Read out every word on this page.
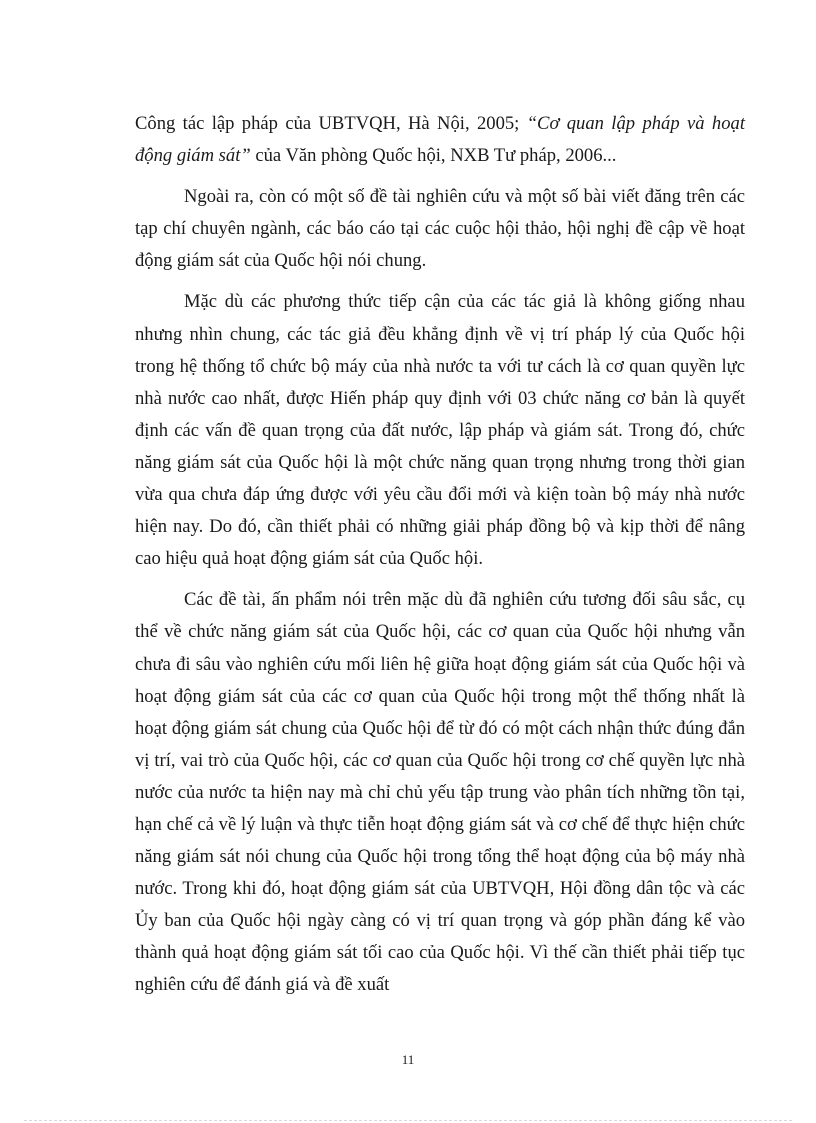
Công tác lập pháp của UBTVQH, Hà Nội, 2005; “Cơ quan lập pháp và hoạt động giám sát” của Văn phòng Quốc hội, NXB Tư pháp, 2006...

Ngoài ra, còn có một số đề tài nghiên cứu và một số bài viết đăng trên các tạp chí chuyên ngành, các báo cáo tại các cuộc hội thảo, hội nghị đề cập về hoạt động giám sát của Quốc hội nói chung.

Mặc dù các phương thức tiếp cận của các tác giả là không giống nhau nhưng nhìn chung, các tác giả đều khẳng định về vị trí pháp lý của Quốc hội trong hệ thống tổ chức bộ máy của nhà nước ta với tư cách là cơ quan quyền lực nhà nước cao nhất, được Hiến pháp quy định với 03 chức năng cơ bản là quyết định các vấn đề quan trọng của đất nước, lập pháp và giám sát. Trong đó, chức năng giám sát của Quốc hội là một chức năng quan trọng nhưng trong thời gian vừa qua chưa đáp ứng được với yêu cầu đổi mới và kiện toàn bộ máy nhà nước hiện nay. Do đó, cần thiết phải có những giải pháp đồng bộ và kịp thời để nâng cao hiệu quả hoạt động giám sát của Quốc hội.

Các đề tài, ấn phẩm nói trên mặc dù đã nghiên cứu tương đối sâu sắc, cụ thể về chức năng giám sát của Quốc hội, các cơ quan của Quốc hội nhưng vẫn chưa đi sâu vào nghiên cứu mối liên hệ giữa hoạt động giám sát của Quốc hội và hoạt động giám sát của các cơ quan của Quốc hội trong một thể thống nhất là hoạt động giám sát chung của Quốc hội để từ đó có một cách nhận thức đúng đắn vị trí, vai trò của Quốc hội, các cơ quan của Quốc hội trong cơ chế quyền lực nhà nước của nước ta hiện nay mà chỉ chủ yếu tập trung vào phân tích những tồn tại, hạn chế cả về lý luận và thực tiễn hoạt động giám sát và cơ chế để thực hiện chức năng giám sát nói chung của Quốc hội trong tổng thể hoạt động của bộ máy nhà nước. Trong khi đó, hoạt động giám sát của UBTVQH, Hội đồng dân tộc và các Ủy ban của Quốc hội ngày càng có vị trí quan trọng và góp phần đáng kể vào thành quả hoạt động giám sát tối cao của Quốc hội. Vì thế cần thiết phải tiếp tục nghiên cứu để đánh giá và đề xuất

11
